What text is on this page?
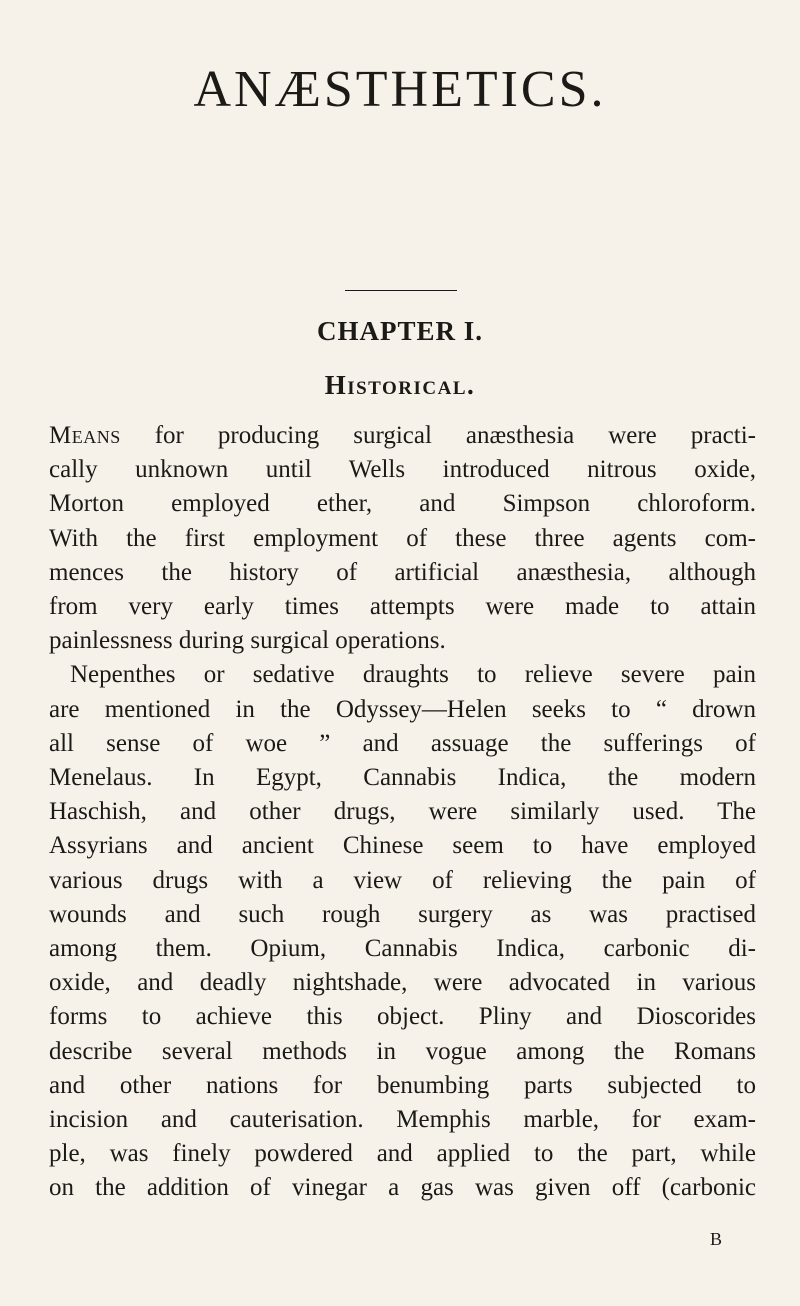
ANÆSTHETICS.
CHAPTER I.
Historical.
Means for producing surgical anæsthesia were practi-
cally unknown until Wells introduced nitrous oxide,
Morton employed ether, and Simpson chloroform.
With the first employment of these three agents com-
mences the history of artificial anæsthesia, although
from very early times attempts were made to attain
painlessness during surgical operations.
Nepenthes or sedative draughts to relieve severe pain
are mentioned in the Odyssey—Helen seeks to “ drown
all sense of woe ” and assuage the sufferings of
Menelaus. In Egypt, Cannabis Indica, the modern
Haschish, and other drugs, were similarly used. The
Assyrians and ancient Chinese seem to have employed
various drugs with a view of relieving the pain of
wounds and such rough surgery as was practised
among them. Opium, Cannabis Indica, carbonic di-
oxide, and deadly nightshade, were advocated in various
forms to achieve this object. Pliny and Dioscorides
describe several methods in vogue among the Romans
and other nations for benumbing parts subjected to
incision and cauterisation. Memphis marble, for exam-
ple, was finely powdered and applied to the part, while
on the addition of vinegar a gas was given off (carbonic
B
